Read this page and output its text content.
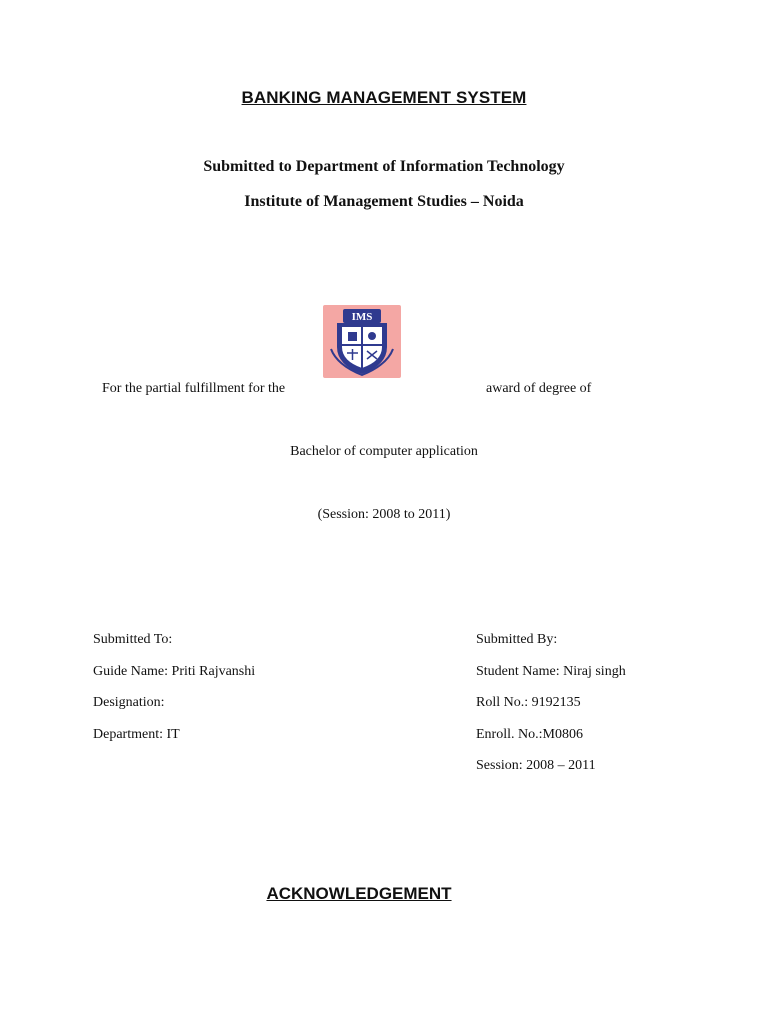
BANKING MANAGEMENT SYSTEM
Submitted to Department of Information Technology
Institute of Management Studies – Noida
IMS
For the partial fulfillment for the	award of degree of
Bachelor of computer application
(Session: 2008 to 2011)
Submitted To:
Guide Name: Priti Rajvanshi
Designation:
Department: IT
Submitted By:
Student Name: Niraj singh
Roll No.: 9192135
Enroll. No.:M0806
Session: 2008 – 2011
ACKNOWLEDGEMENT
